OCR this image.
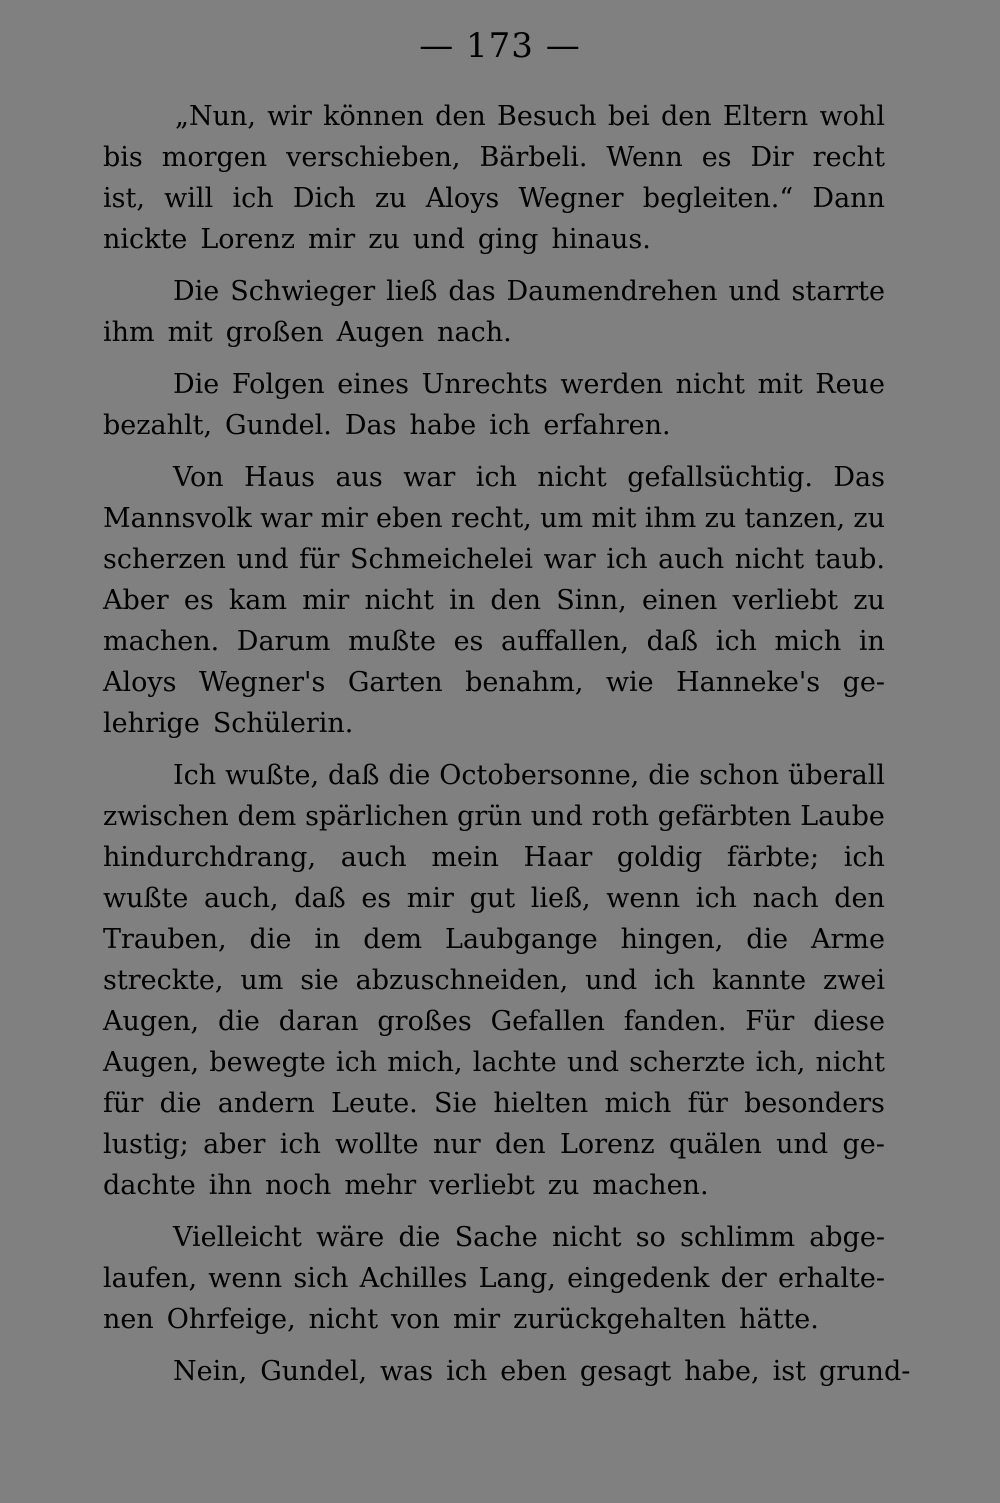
— 173 —
„Nun, wir können den Besuch bei den Eltern wohl
bis morgen verschieben, Bärbeli. Wenn es Dir recht
ist, will ich Dich zu Aloys Wegner begleiten.“ Dann
nickte Lorenz mir zu und ging hinaus.
Die Schwieger ließ das Daumendrehen und starrte
ihm mit großen Augen nach.
Die Folgen eines Unrechts werden nicht mit Reue
bezahlt, Gundel. Das habe ich erfahren.
Von Haus aus war ich nicht gefallsüchtig. Das
Mannsvolk war mir eben recht, um mit ihm zu tanzen, zu
scherzen und für Schmeichelei war ich auch nicht taub.
Aber es kam mir nicht in den Sinn, einen verliebt zu
machen. Darum mußte es auffallen, daß ich mich in
Aloys Wegner's Garten benahm, wie Hanneke's ge-
lehrige Schülerin.
Ich wußte, daß die Octobersonne, die schon überall
zwischen dem spärlichen grün und roth gefärbten Laube
hindurchdrang, auch mein Haar goldig färbte; ich
wußte auch, daß es mir gut ließ, wenn ich nach den
Trauben, die in dem Laubgange hingen, die Arme
streckte, um sie abzuschneiden, und ich kannte zwei
Augen, die daran großes Gefallen fanden. Für diese
Augen, bewegte ich mich, lachte und scherzte ich, nicht
für die andern Leute. Sie hielten mich für besonders
lustig; aber ich wollte nur den Lorenz quälen und ge-
dachte ihn noch mehr verliebt zu machen.
Vielleicht wäre die Sache nicht so schlimm abge-
laufen, wenn sich Achilles Lang, eingedenk der erhalte-
nen Ohrfeige, nicht von mir zurückgehalten hätte.
Nein, Gundel, was ich eben gesagt habe, ist grund-
